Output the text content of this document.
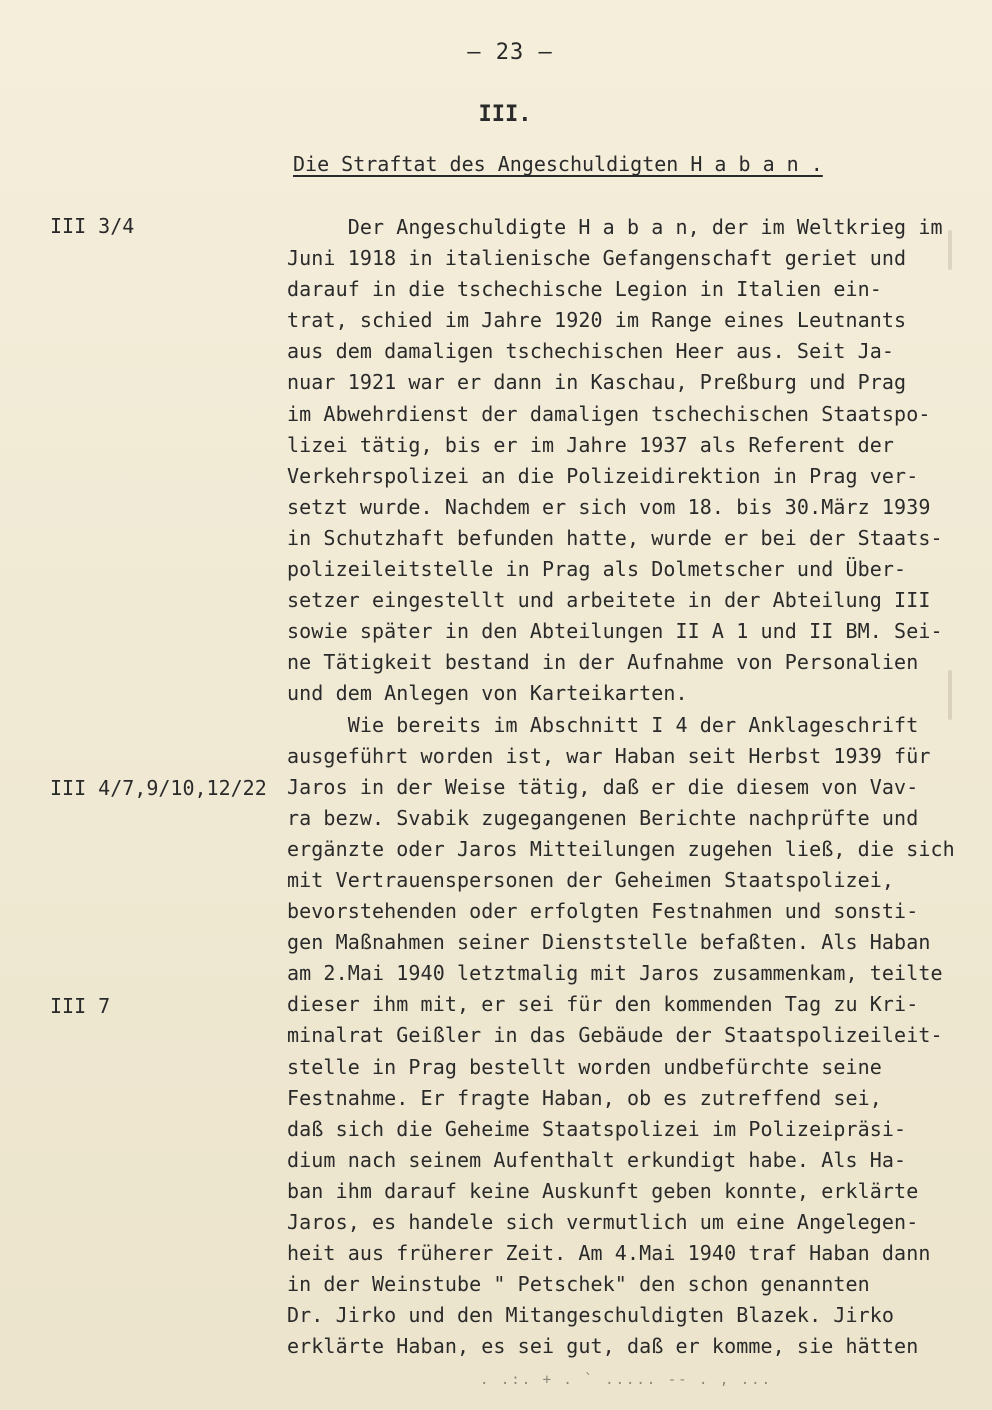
– 23 –
III.
Die Straftat des Angeschuldigten H a b a n .
III 3/4
III 4/7,9/10,12/22
III 7
Der Angeschuldigte H a b a n, der im Weltkrieg im
Juni 1918 in italienische Gefangenschaft geriet und
darauf in die tschechische Legion in Italien ein-
trat, schied im Jahre 1920 im Range eines Leutnants
aus dem damaligen tschechischen Heer aus. Seit Ja-
nuar 1921 war er dann in Kaschau, Preßburg und Prag
im Abwehrdienst der damaligen tschechischen Staatspo-
lizei tätig, bis er im Jahre 1937 als Referent der
Verkehrspolizei an die Polizeidirektion in Prag ver-
setzt wurde. Nachdem er sich vom 18. bis 30.März 1939
in Schutzhaft befunden hatte, wurde er bei der Staats-
polizeileitstelle in Prag als Dolmetscher und Über-
setzer eingestellt und arbeitete in der Abteilung III
sowie später in den Abteilungen II A 1 und II BM. Sei-
ne Tätigkeit bestand in der Aufnahme von Personalien
und dem Anlegen von Karteikarten.
Wie bereits im Abschnitt I 4 der Anklageschrift
ausgeführt worden ist, war Haban seit Herbst 1939 für
Jaros in der Weise tätig, daß er die diesem von Vav-
ra bezw. Svabik zugegangenen Berichte nachprüfte und
ergänzte oder Jaros Mitteilungen zugehen ließ, die sich
mit Vertrauenspersonen der Geheimen Staatspolizei,
bevorstehenden oder erfolgten Festnahmen und sonsti-
gen Maßnahmen seiner Dienststelle befaßten. Als Haban
am 2.Mai 1940 letztmalig mit Jaros zusammenkam, teilte
dieser ihm mit, er sei für den kommenden Tag zu Kri-
minalrat Geißler in das Gebäude der Staatspolizeileit-
stelle in Prag bestellt worden undbefürchte seine
Festnahme. Er fragte Haban, ob es zutreffend sei,
daß sich die Geheime Staatspolizei im Polizeipräsi-
dium nach seinem Aufenthalt erkundigt habe. Als Ha-
ban ihm darauf keine Auskunft geben konnte, erklärte
Jaros, es handele sich vermutlich um eine Angelegen-
heit aus früherer Zeit. Am 4.Mai 1940 traf Haban dann
in der Weinstube " Petschek" den schon genannten
Dr. Jirko und den Mitangeschuldigten Blazek. Jirko
erklärte Haban, es sei gut, daß er komme, sie hätten
. .:. + . ` ..... -- . , ...
